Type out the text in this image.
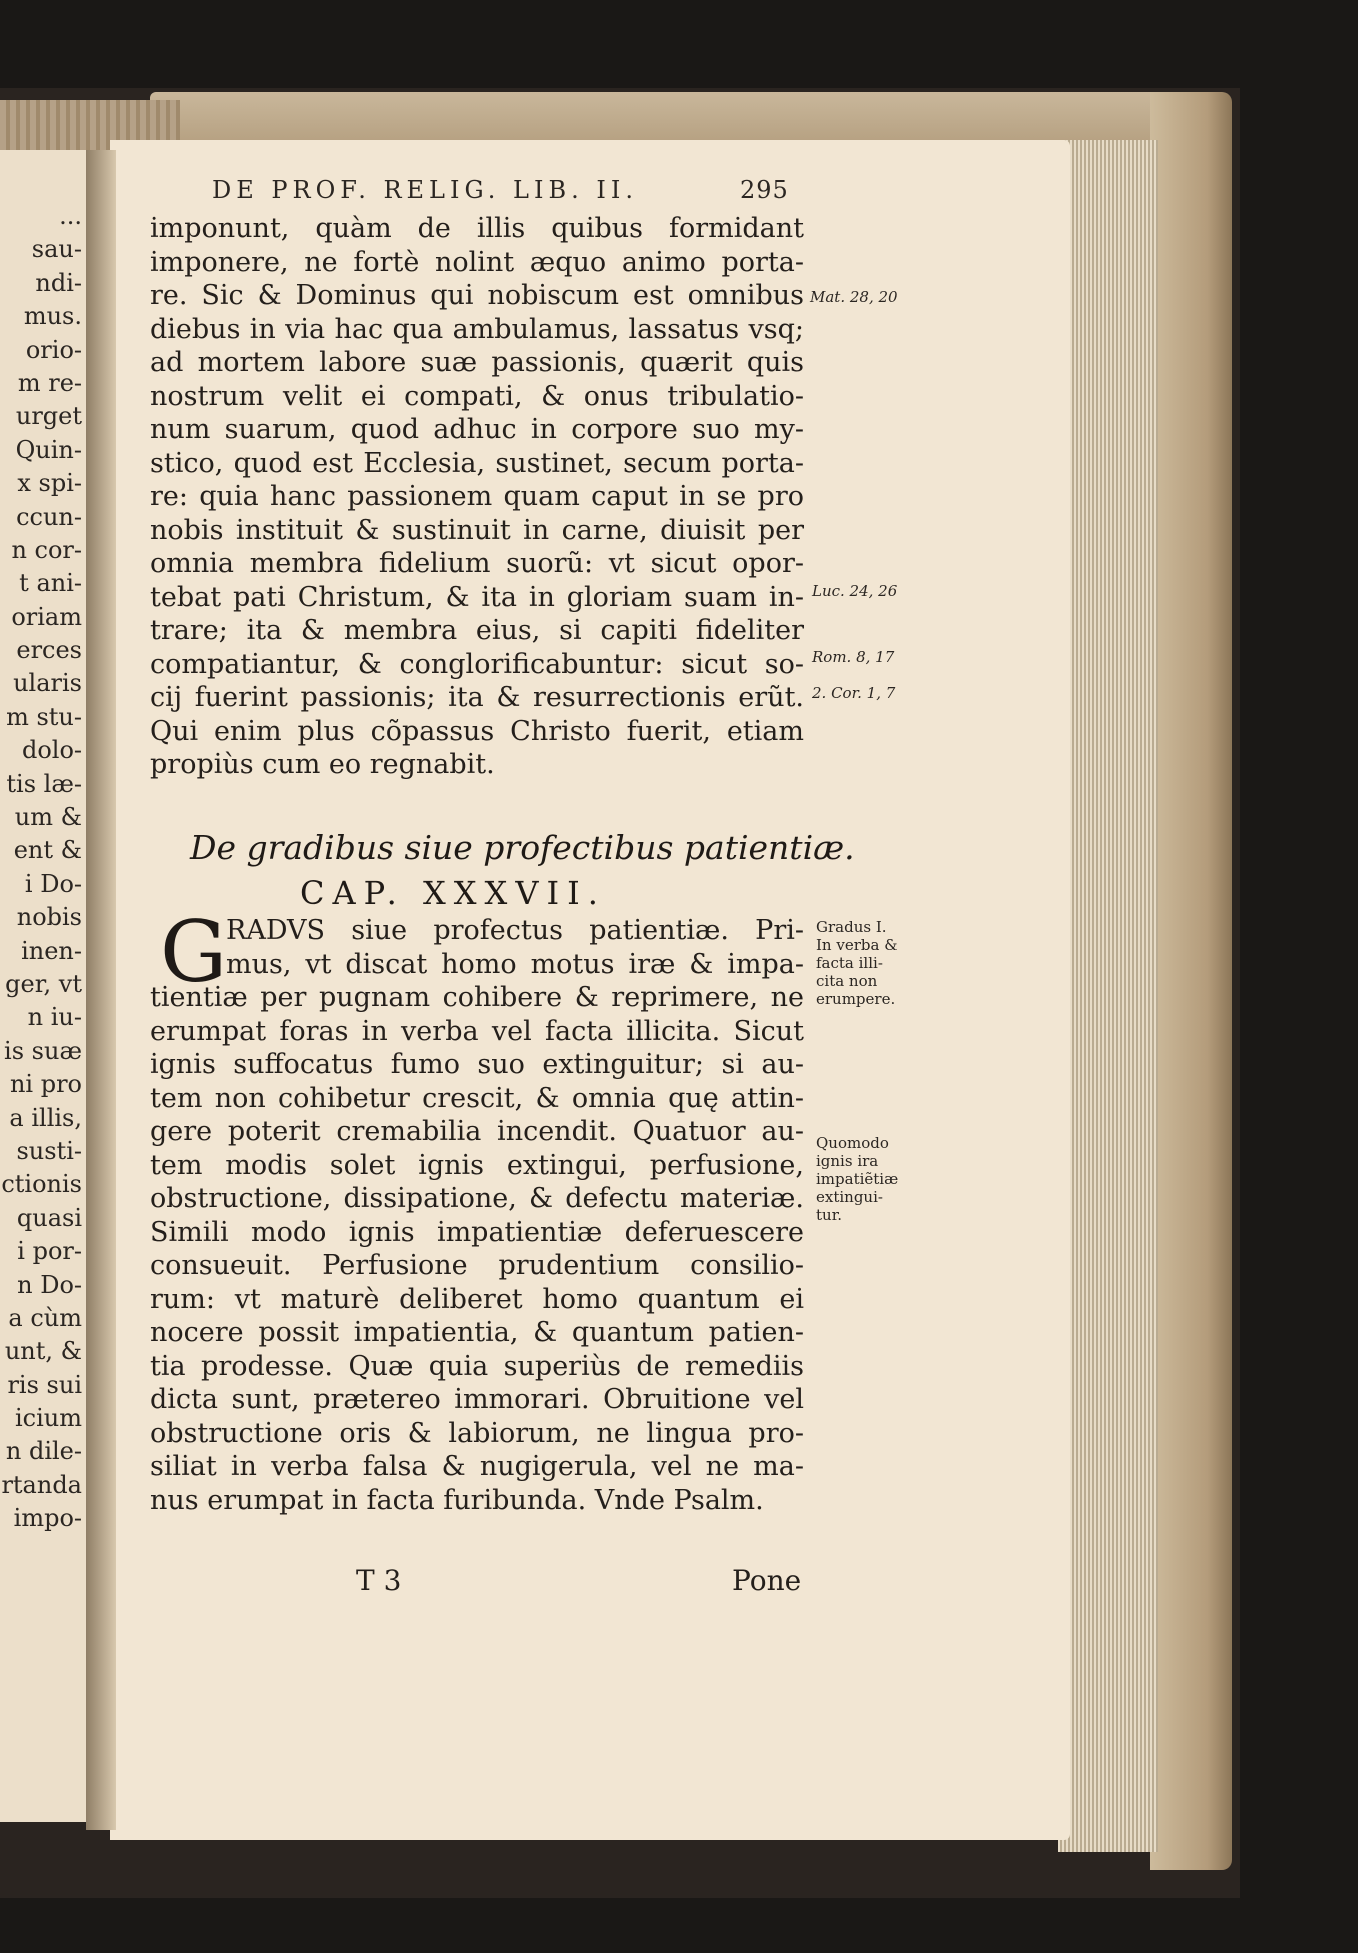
...
sau-
ndi-
mus.
orio-
m re-
urget
Quin-
x spi-
ccun-
n cor-
t ani-
oriam
erces
ularis
m stu-
dolo-
tis læ-
um &
ent &
i Do-
nobis
inen-
ger, vt
n iu-
is suæ
ni pro
a illis,
susti-
ctionis
quasi
i por-
n Do-
a cùm
unt, &
ris sui
icium
n dile-
rtanda
impo-
DE PROF. RELIG. LIB. II.	295
imponunt, quàm de illis quibus formidant
imponere, ne fortè nolint æquo animo porta-
re. Sic & Dominus qui nobiscum est omnibus
diebus in via hac qua ambulamus, lassatus vsq;
ad mortem labore suæ passionis, quærit quis
nostrum velit ei compati, & onus tribulatio-
num suarum, quod adhuc in corpore suo my-
stico, quod est Ecclesia, sustinet, secum porta-
re: quia hanc passionem quam caput in se pro
nobis instituit & sustinuit in carne, diuisit per
omnia membra fidelium suorũ: vt sicut opor-
tebat pati Christum, & ita in gloriam suam in-
trare; ita & membra eius, si capiti fideliter
compatiantur, & conglorificabuntur: sicut so-
cij fuerint passionis; ita & resurrectionis erũt.
Qui enim plus cõpassus Christo fuerit, etiam
propiùs cum eo regnabit.
De gradibus siue profectibus patientiæ.
CAP. XXXVII.
G
RADVS siue profectus patientiæ. Pri-
mus, vt discat homo motus iræ & impa-
tientiæ per pugnam cohibere & reprimere, ne
erumpat foras in verba vel facta illicita. Sicut
ignis suffocatus fumo suo extinguitur; si au-
tem non cohibetur crescit, & omnia quę attin-
gere poterit cremabilia incendit. Quatuor au-
tem modis solet ignis extingui, perfusione,
obstructione, dissipatione, & defectu materiæ.
Simili modo ignis impatientiæ deferuescere
consueuit. Perfusione prudentium consilio-
rum: vt maturè deliberet homo quantum ei
nocere possit impatientia, & quantum patien-
tia prodesse. Quæ quia superiùs de remediis
dicta sunt, prætereo immorari. Obruitione vel
obstructione oris & labiorum, ne lingua pro-
siliat in verba falsa & nugigerula, vel ne ma-
nus erumpat in facta furibunda. Vnde Psalm.
Mat. 28, 20
Luc. 24, 26
Rom. 8, 17
2. Cor. 1, 7
Gradus I.
In verba &
facta illi-
cita non
erumpere.
Quomodo
ignis ira
impatiẽtiæ
extingui-
tur.
T 3	Pone
